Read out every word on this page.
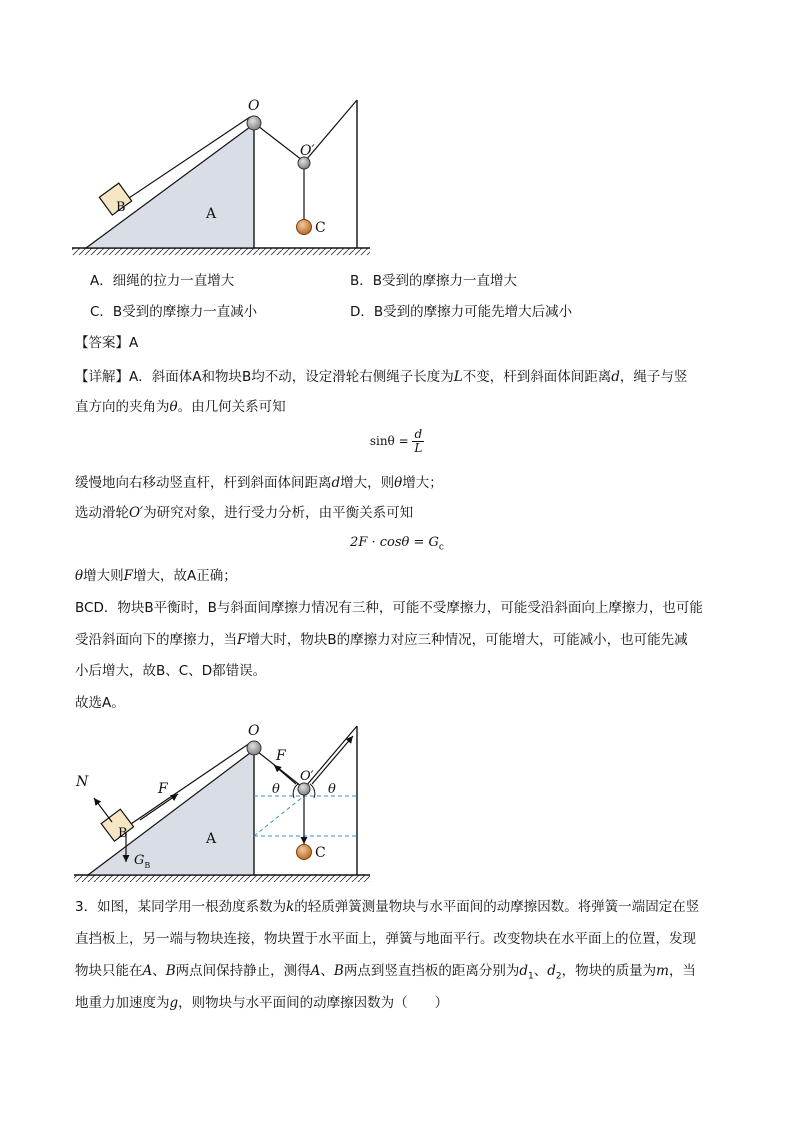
O
O′
A
B
C
A．细绳的拉力一直增大	B．B受到的摩擦力一直增大
C．B受到的摩擦力一直减小	D．B受到的摩擦力可能先增大后减小
【答案】A
【详解】A．斜面体A和物块B均不动，设定滑轮右侧绳子长度为L不变，杆到斜面体间距离d，绳子与竖
直方向的夹角为θ。由几何关系可知
$\sin\theta = \frac{d}{L}$
缓慢地向右移动竖直杆，杆到斜面体间距离d增大，则θ增大；
选动滑轮O′为研究对象，进行受力分析，由平衡关系可知
$2F \cdot \cos\theta = G_c$
θ增大则F增大，故A正确；
BCD．物块B平衡时，B与斜面间摩擦力情况有三种，可能不受摩擦力，可能受沿斜面向上摩擦力，也可能
受沿斜面向下的摩擦力，当F增大时，物块B的摩擦力对应三种情况，可能增大，可能减小，也可能先减
小后增大，故B、C、D都错误。
故选A。
O
O′
F
F	θ	θ
N
A
B
C
$G_B$
3．如图，某同学用一根劲度系数为k的轻质弹簧测量物块与水平面间的动摩擦因数。将弹簧一端固定在竖
直挡板上，另一端与物块连接，物块置于水平面上，弹簧与地面平行。改变物块在水平面上的位置，发现
物块只能在A、B两点间保持静止，测得A、B两点到竖直挡板的距离分别为$d_1$、$d_2$，物块的质量为m，当
地重力加速度为g，则物块与水平面间的动摩擦因数为（　　）
